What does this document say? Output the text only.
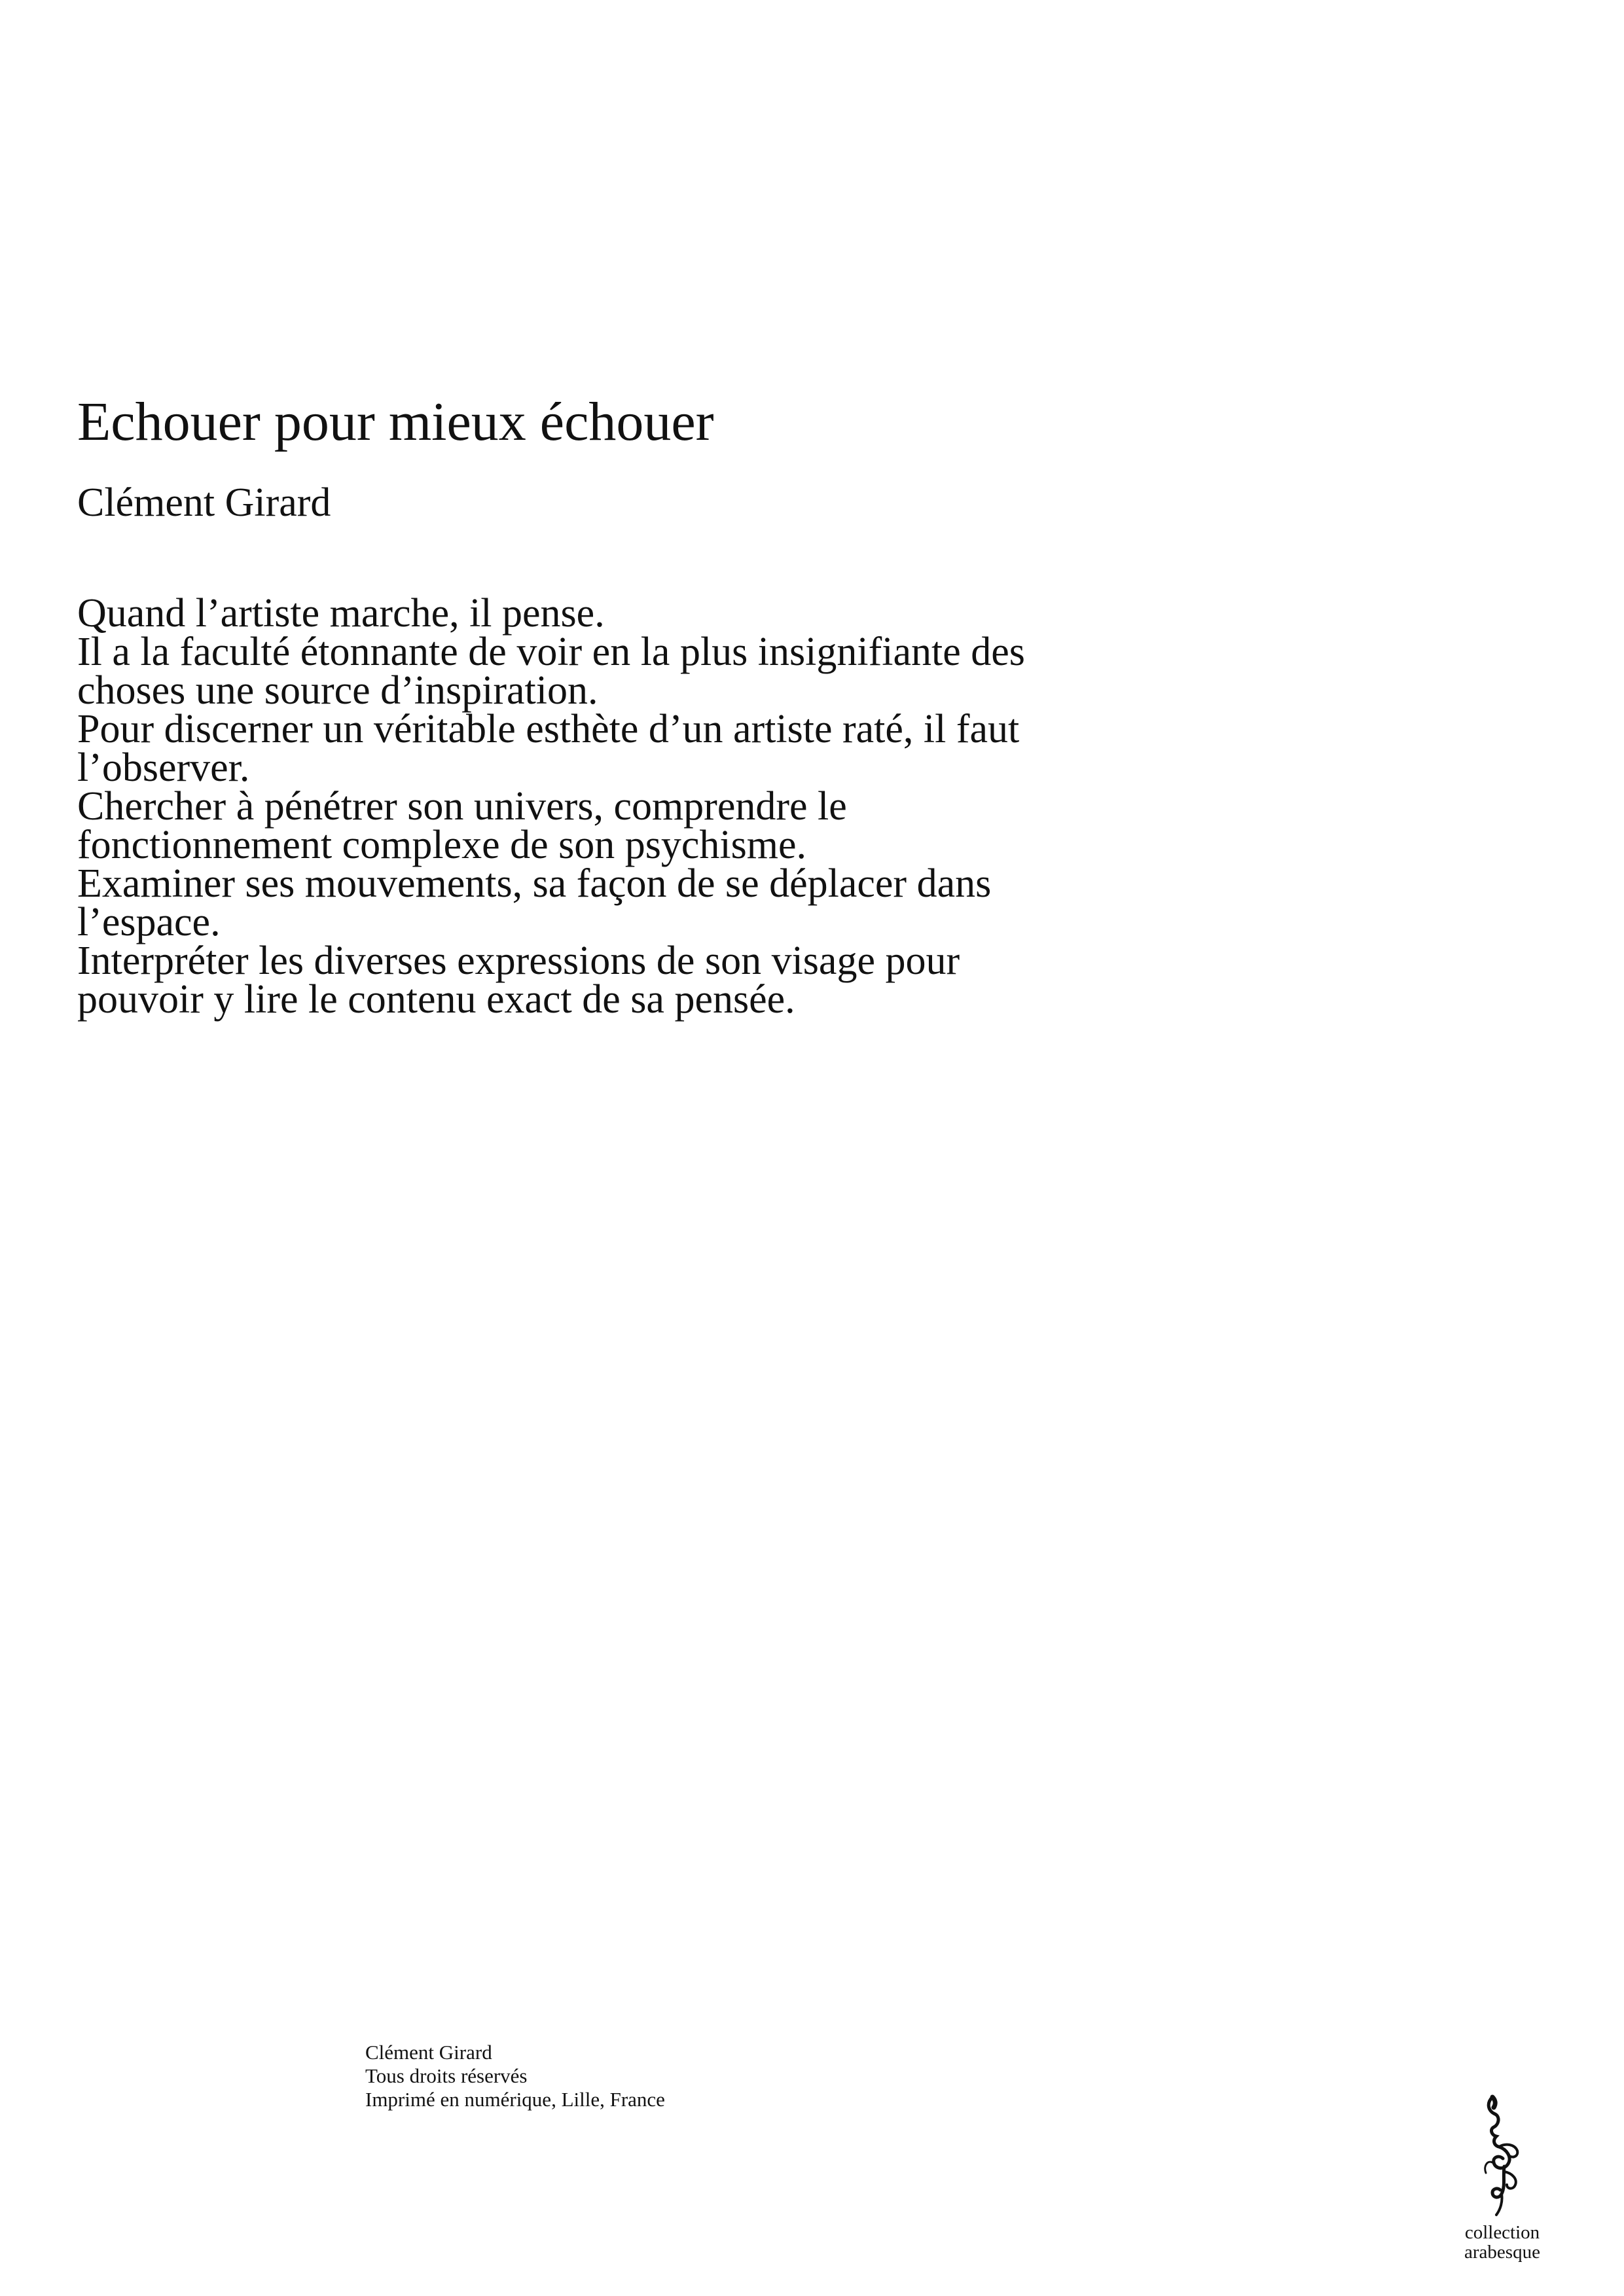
Echouer pour mieux échouer
Clément Girard
Quand l’artiste marche, il pense.
Il a la faculté étonnante de voir en la plus insignifiante des
choses une source d’inspiration.
Pour discerner un véritable esthète d’un artiste raté, il faut
l’observer.
Chercher à pénétrer son univers, comprendre le
fonctionnement complexe de son psychisme.
Examiner ses mouvements, sa façon de se déplacer dans
l’espace.
Interpréter les diverses expressions de son visage pour
pouvoir y lire le contenu exact de sa pensée.
Clément Girard
Tous droits réservés
Imprimé en numérique, Lille, France
collection
arabesque
